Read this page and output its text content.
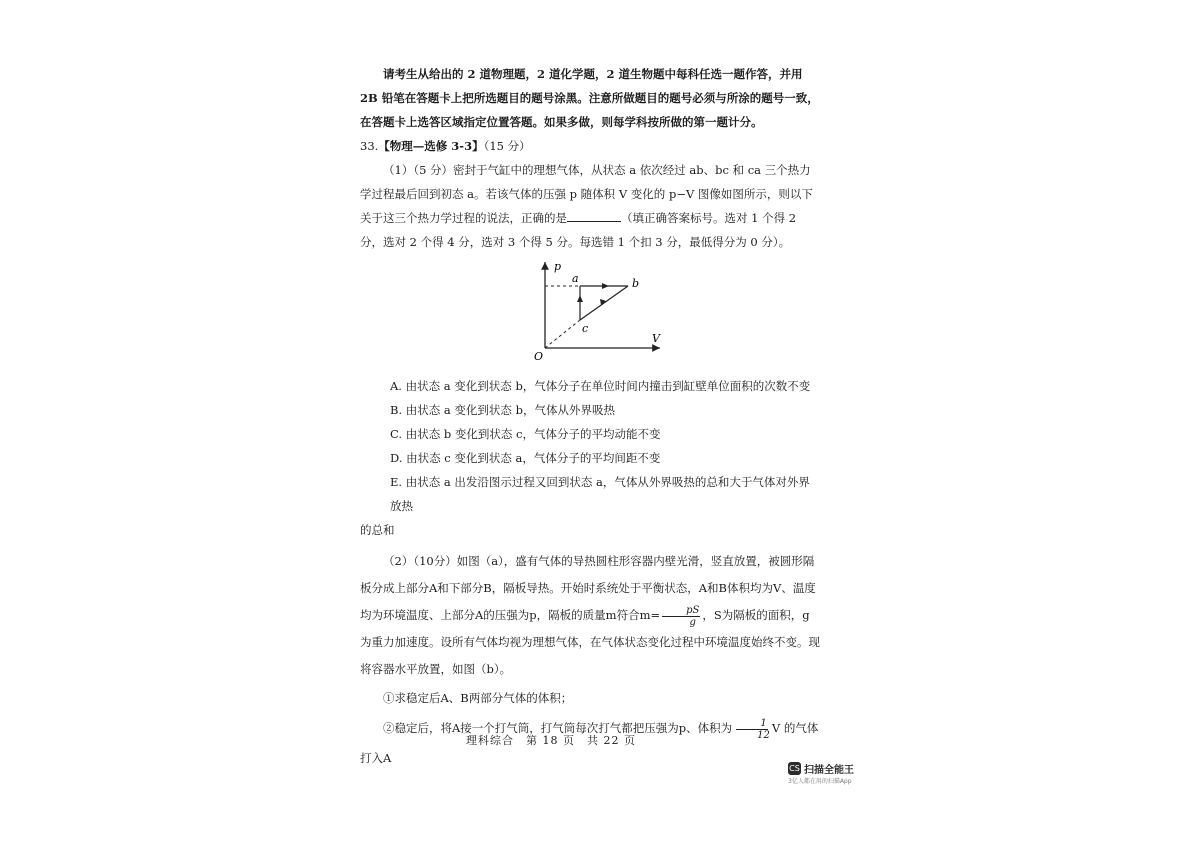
请考生从给出的 2 道物理题，2 道化学题，2 道生物题中每科任选一题作答，并用 2B 铅笔在答题卡上把所选题目的题号涂黑。注意所做题目的题号必须与所涂的题号一致，在答题卡上选答区域指定位置答题。如果多做，则每学科按所做的第一题计分。

33.【物理—选修 3-3】（15 分）

（1）（5 分）密封于气缸中的理想气体，从状态 a 依次经过 ab、bc 和 ca 三个热力学过程最后回到初态 a。若该气体的压强 p 随体积 V 变化的 p−V 图像如图所示，则以下关于这三个热力学过程的说法，正确的是	（填正确答案标号。选对 1 个得 2 分，选对 2 个得 4 分，选对 3 个得 5 分。每选错 1 个扣 3 分，最低得分为 0 分）。

p
V
O
a	b
c

A. 由状态 a 变化到状态 b，气体分子在单位时间内撞击到缸壁单位面积的次数不变

B. 由状态 a 变化到状态 b，气体从外界吸热

C. 由状态 b 变化到状态 c，气体分子的平均动能不变

D. 由状态 c 变化到状态 a，气体分子的平均间距不变

E. 由状态 a 出发沿图示过程又回到状态 a，气体从外界吸热的总和大于气体对外界放热

的总和

（2）（10分）如图（a），盛有气体的导热圆柱形容器内壁光滑，竖直放置，被圆形隔板分成上部分A和下部分B，隔板导热。开始时系统处于平衡状态，A和B体积均为V、温度均为环境温度、上部分A的压强为p，隔板的质量m符合$m= \frac{pS}{g}$ ，S为隔板的面积，g为重力加速度。设所有气体均视为理想气体，在气体状态变化过程中环境温度始终不变。现将容器水平放置，如图（b）。

①求稳定后A、B两部分气体的体积；

②稳定后，将A接一个打气筒，打气筒每次打气都把压强为p、体积为 $\frac{1}{12}$ V 的气体打入A

理科综合　第 18 页　共 22 页
CS 扫描全能王
3亿人都在用的扫描App
